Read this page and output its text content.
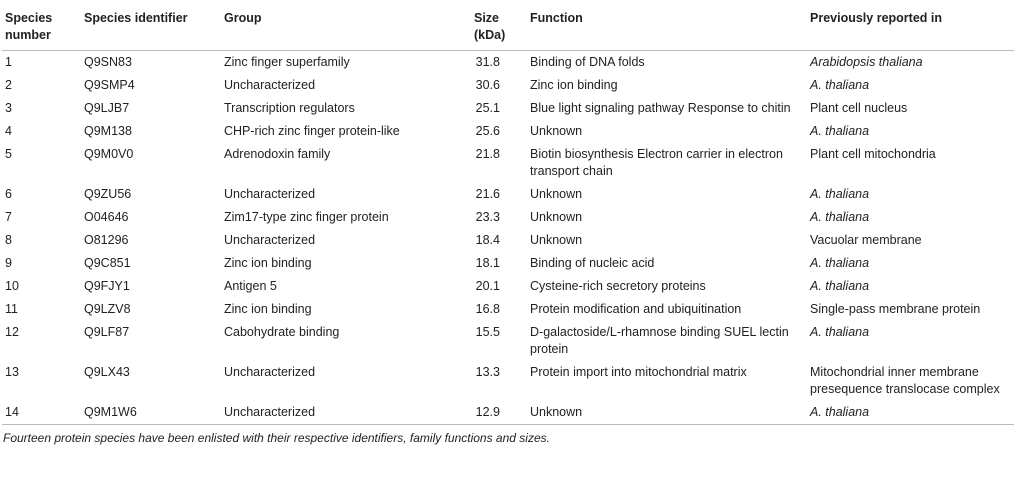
Species number	Species identifier	Group	Size (kDa)	Function	Previously reported in
1	Q9SN83	Zinc finger superfamily	31.8	Binding of DNA folds	Arabidopsis thaliana
2	Q9SMP4	Uncharacterized	30.6	Zinc ion binding	A. thaliana
3	Q9LJB7	Transcription regulators	25.1	Blue light signaling pathway Response to chitin	Plant cell nucleus
4	Q9M138	CHP-rich zinc finger protein-like	25.6	Unknown	A. thaliana
5	Q9M0V0	Adrenodoxin family	21.8	Biotin biosynthesis Electron carrier in electron transport chain	Plant cell mitochondria
6	Q9ZU56	Uncharacterized	21.6	Unknown	A. thaliana
7	O04646	Zim17-type zinc finger protein	23.3	Unknown	A. thaliana
8	O81296	Uncharacterized	18.4	Unknown	Vacuolar membrane
9	Q9C851	Zinc ion binding	18.1	Binding of nucleic acid	A. thaliana
10	Q9FJY1	Antigen 5	20.1	Cysteine-rich secretory proteins	A. thaliana
11	Q9LZV8	Zinc ion binding	16.8	Protein modification and ubiquitination	Single-pass membrane protein
12	Q9LF87	Cabohydrate binding	15.5	D-galactoside/L-rhamnose binding SUEL lectin protein	A. thaliana
13	Q9LX43	Uncharacterized	13.3	Protein import into mitochondrial matrix	Mitochondrial inner membrane presequence translocase complex
14	Q9M1W6	Uncharacterized	12.9	Unknown	A. thaliana
Fourteen protein species have been enlisted with their respective identifiers, family functions and sizes.
